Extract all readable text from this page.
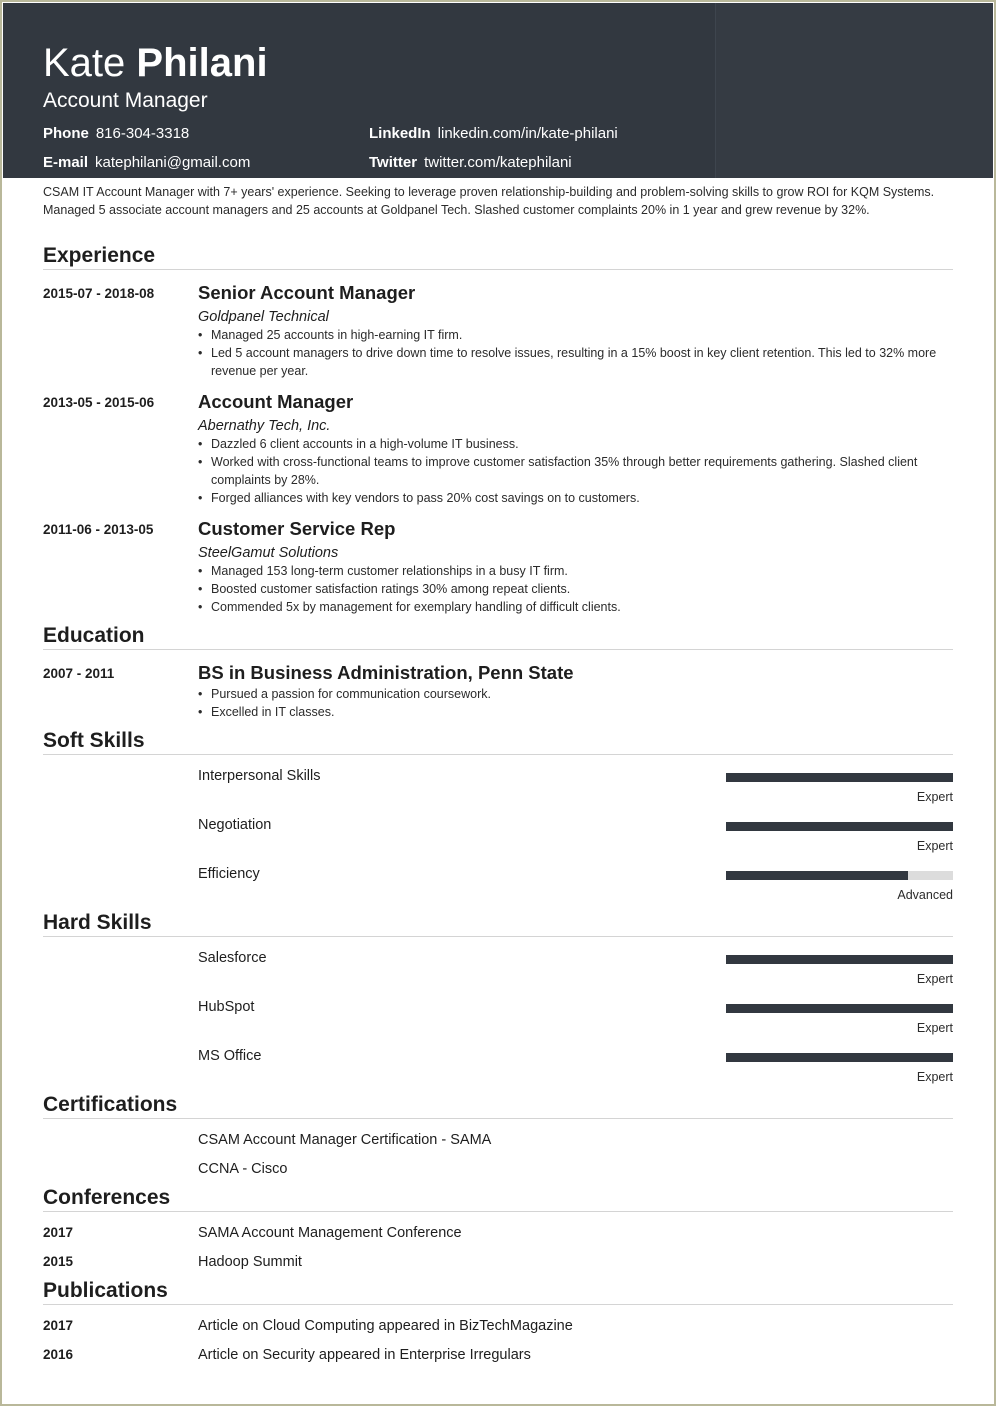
Kate Philani
Account Manager
Phone 816-304-3318	LinkedIn linkedin.com/in/kate-philani
E-mail katephilani@gmail.com	Twitter twitter.com/katephilani
CSAM IT Account Manager with 7+ years' experience. Seeking to leverage proven relationship-building and problem-solving skills to grow ROI for KQM Systems. Managed 5 associate account managers and 25 accounts at Goldpanel Tech. Slashed customer complaints 20% in 1 year and grew revenue by 32%.
Experience
2015-07 - 2018-08 Senior Account Manager
Goldpanel Technical
• Managed 25 accounts in high-earning IT firm.
• Led 5 account managers to drive down time to resolve issues, resulting in a 15% boost in key client retention. This led to 32% more revenue per year.
2013-05 - 2015-06 Account Manager
Abernathy Tech, Inc.
• Dazzled 6 client accounts in a high-volume IT business.
• Worked with cross-functional teams to improve customer satisfaction 35% through better requirements gathering. Slashed client complaints by 28%.
• Forged alliances with key vendors to pass 20% cost savings on to customers.
2011-06 - 2013-05 Customer Service Rep
SteelGamut Solutions
• Managed 153 long-term customer relationships in a busy IT firm.
• Boosted customer satisfaction ratings 30% among repeat clients.
• Commended 5x by management for exemplary handling of difficult clients.
Education
2007 - 2011	BS in Business Administration, Penn State
• Pursued a passion for communication coursework.
• Excelled in IT classes.
Soft Skills
Interpersonal Skills
Expert
Negotiation
Expert
Efficiency
Advanced
Hard Skills
Salesforce
Expert
HubSpot
Expert
MS Office
Expert
Certifications
CSAM Account Manager Certification - SAMA
CCNA - Cisco
Conferences
2017	SAMA Account Management Conference
2015	Hadoop Summit
Publications
2017	Article on Cloud Computing appeared in BizTechMagazine
2016	Article on Security appeared in Enterprise Irregulars
